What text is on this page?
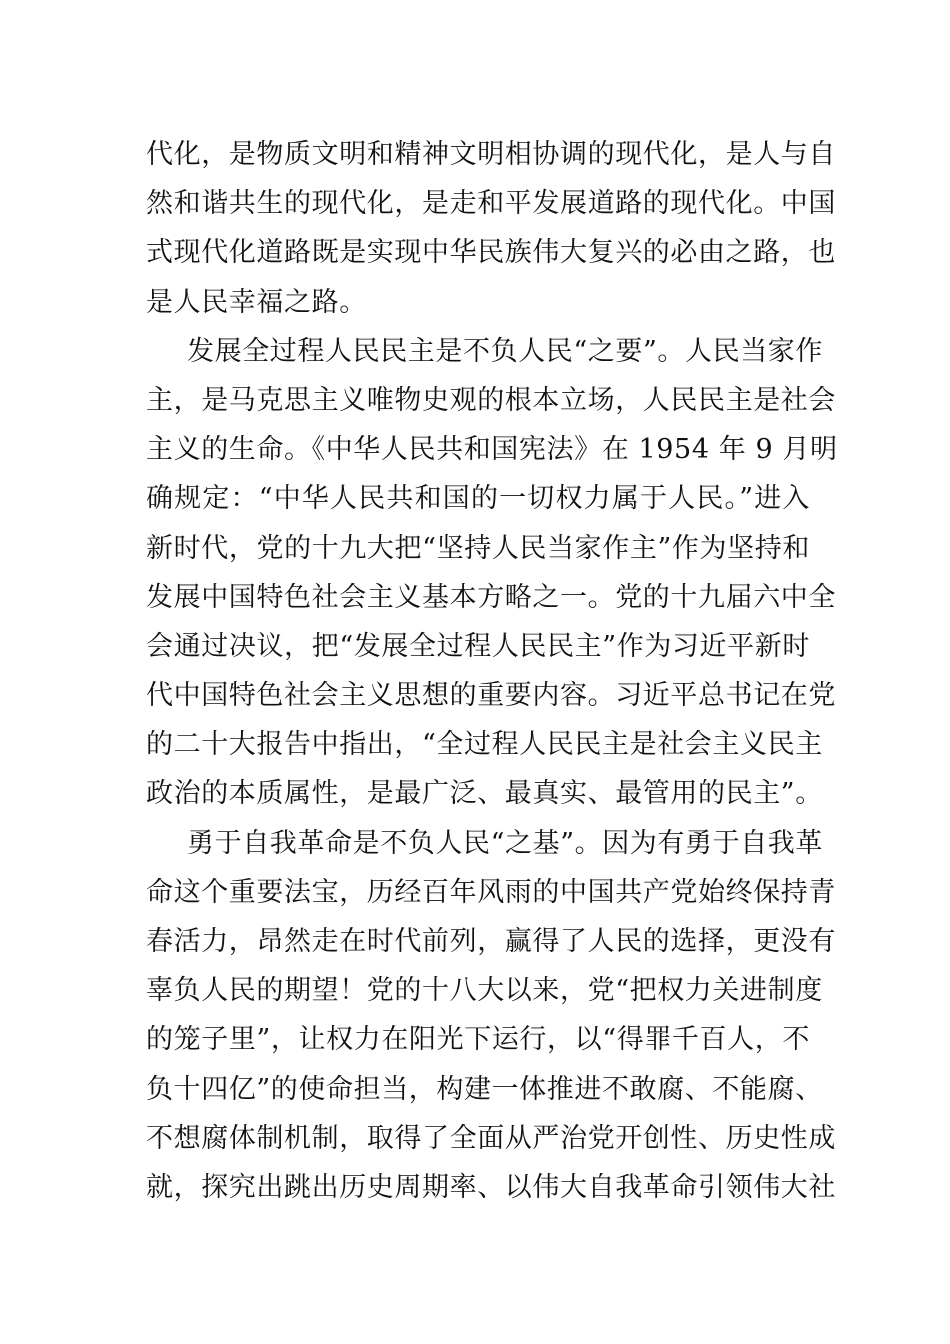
代化，是物质文明和精神文明相协调的现代化，是人与自
然和谐共生的现代化，是走和平发展道路的现代化。中国
式现代化道路既是实现中华民族伟大复兴的必由之路，也
是人民幸福之路。
发展全过程人民民主是不负人民“之要”。人民当家作
主，是马克思主义唯物史观的根本立场，人民民主是社会
主义的生命。《中华人民共和国宪法》在 1954 年 9 月明
确规定：“中华人民共和国的一切权力属于人民。”进入
新时代，党的十九大把“坚持人民当家作主”作为坚持和
发展中国特色社会主义基本方略之一。党的十九届六中全
会通过决议，把“发展全过程人民民主”作为习近平新时
代中国特色社会主义思想的重要内容。习近平总书记在党
的二十大报告中指出，“全过程人民民主是社会主义民主
政治的本质属性，是最广泛、最真实、最管用的民主”。
勇于自我革命是不负人民“之基”。因为有勇于自我革
命这个重要法宝，历经百年风雨的中国共产党始终保持青
春活力，昂然走在时代前列，赢得了人民的选择，更没有
辜负人民的期望！党的十八大以来，党“把权力关进制度
的笼子里”，让权力在阳光下运行，以“得罪千百人，不
负十四亿”的使命担当，构建一体推进不敢腐、不能腐、
不想腐体制机制，取得了全面从严治党开创性、历史性成
就，探究出跳出历史周期率、以伟大自我革命引领伟大社
